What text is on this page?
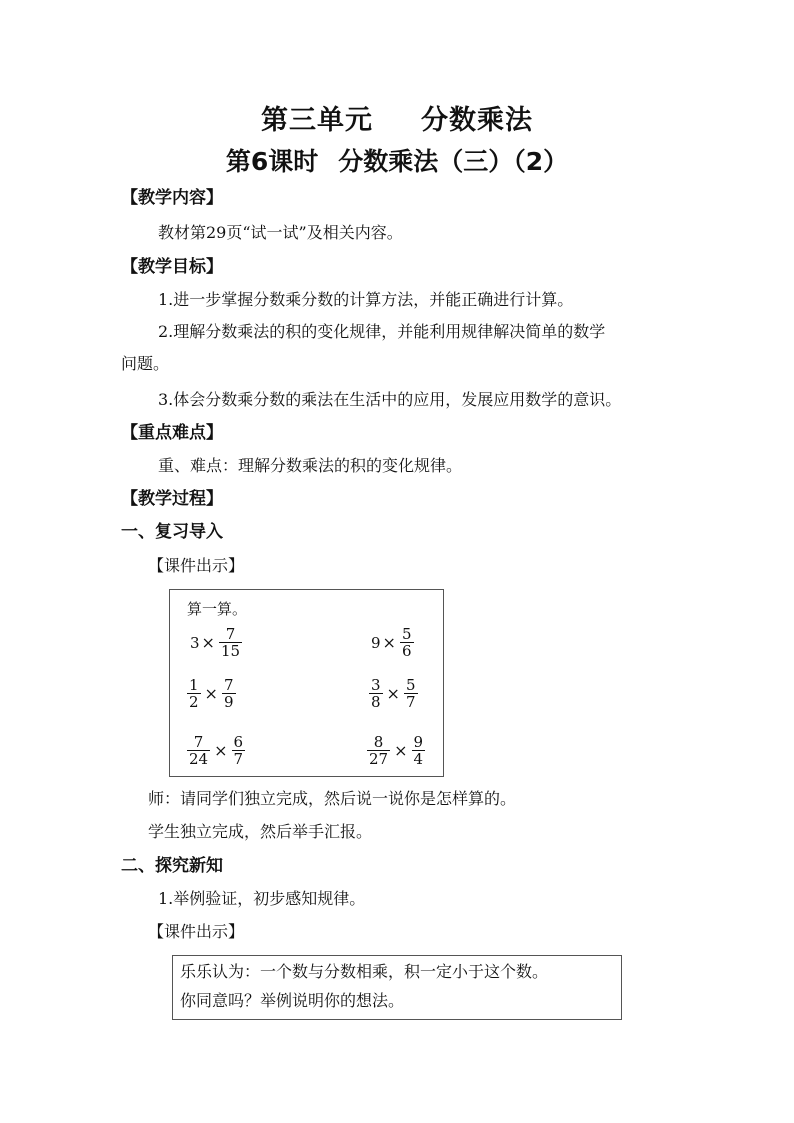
第三单元 分数乘法
第6课时 分数乘法（三）（2）
【教学内容】
教材第29页“试一试”及相关内容。
【教学目标】
1.进一步掌握分数乘分数的计算方法，并能正确进行计算。
2.理解分数乘法的积的变化规律，并能利用规律解决简单的数学
问题。
3.体会分数乘分数的乘法在生活中的应用，发展应用数学的意识。
【重点难点】
重、难点：理解分数乘法的积的变化规律。
【教学过程】
一、复习导入
【课件出示】
算一算。
$3 \times \frac{7}{15}$	$9 \times \frac{5}{6}$
$\frac{1}{2} \times \frac{7}{9}$	$\frac{3}{8} \times \frac{5}{7}$
$\frac{7}{24} \times \frac{6}{7}$	$\frac{8}{27} \times \frac{9}{4}$
师：请同学们独立完成，然后说一说你是怎样算的。
学生独立完成，然后举手汇报。
二、探究新知
1.举例验证，初步感知规律。
【课件出示】
乐乐认为：一个数与分数相乘，积一定小于这个数。
你同意吗？举例说明你的想法。
